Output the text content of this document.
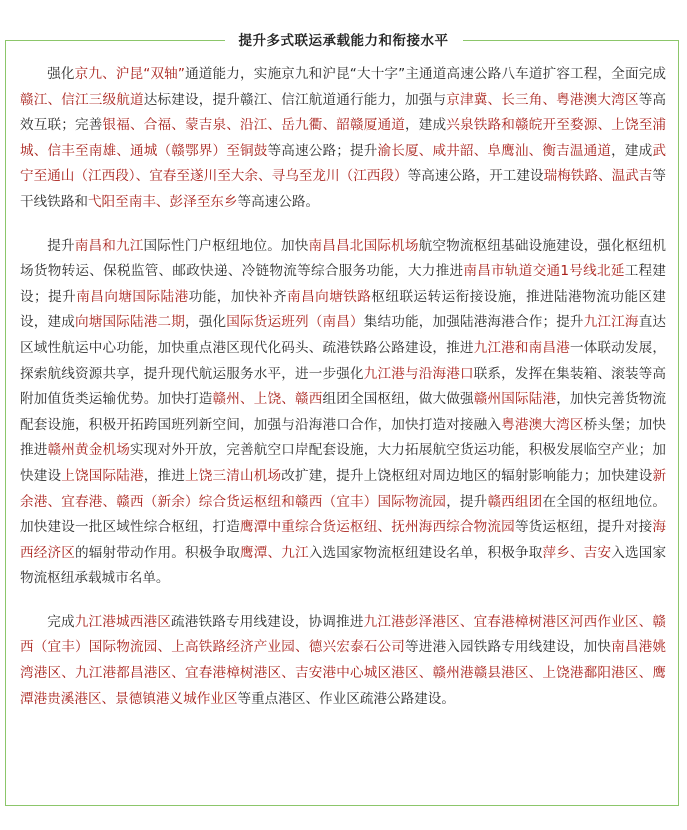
提升多式联运承载能力和衔接水平

强化京九、沪昆“双轴”通道能力，实施京九和沪昆“大十字”主通道高速公路八车道扩容工程，全面完成赣江、信江三级航道达标建设，提升赣江、信江航道通行能力，加强与京津冀、长三角、粤港澳大湾区等高效互联；完善银福、合福、蒙吉泉、沿江、岳九衢、韶赣厦通道，建成兴泉铁路和赣皖开至婺源、上饶至浦城、信丰至南雄、通城（赣鄂界）至铜鼓等高速公路；提升渝长厦、咸井韶、阜鹰汕、衡吉温通道，建成武宁至通山（江西段）、宜春至遂川至大余、寻乌至龙川（江西段）等高速公路，开工建设瑞梅铁路、温武吉等干线铁路和弋阳至南丰、彭泽至东乡等高速公路。

提升南昌和九江国际性门户枢纽地位。加快南昌昌北国际机场航空物流枢纽基础设施建设，强化枢纽机场货物转运、保税监管、邮政快递、冷链物流等综合服务功能，大力推进南昌市轨道交通1号线北延工程建设；提升南昌向塘国际陆港功能，加快补齐南昌向塘铁路枢纽联运转运衔接设施，推进陆港物流功能区建设，建成向塘国际陆港二期，强化国际货运班列（南昌）集结功能，加强陆港海港合作；提升九江江海直达区域性航运中心功能，加快重点港区现代化码头、疏港铁路公路建设，推进九江港和南昌港一体联动发展，探索航线资源共享，提升现代航运服务水平，进一步强化九江港与沿海港口联系，发挥在集装箱、滚装等高附加值货类运输优势。加快打造赣州、上饶、赣西组团全国枢纽，做大做强赣州国际陆港，加快完善货物流配套设施，积极开拓跨国班列新空间，加强与沿海港口合作，加快打造对接融入粤港澳大湾区桥头堡；加快推进赣州黄金机场实现对外开放，完善航空口岸配套设施，大力拓展航空货运功能，积极发展临空产业；加快建设上饶国际陆港，推进上饶三清山机场改扩建，提升上饶枢纽对周边地区的辐射影响能力；加快建设新余港、宜春港、赣西（新余）综合货运枢纽和赣西（宜丰）国际物流园，提升赣西组团在全国的枢纽地位。加快建设一批区域性综合枢纽，打造鹰潭中重综合货运枢纽、抚州海西综合物流园等货运枢纽，提升对接海西经济区的辐射带动作用。积极争取鹰潭、九江入选国家物流枢纽建设名单，积极争取萍乡、吉安入选国家物流枢纽承载城市名单。

完成九江港城西港区疏港铁路专用线建设，协调推进九江港彭泽港区、宜春港樟树港区河西作业区、赣西（宜丰）国际物流园、上高铁路经济产业园、德兴宏泰石公司等进港入园铁路专用线建设，加快南昌港姚湾港区、九江港都昌港区、宜春港樟树港区、吉安港中心城区港区、赣州港赣县港区、上饶港鄱阳港区、鹰潭港贵溪港区、景德镇港义城作业区等重点港区、作业区疏港公路建设。
